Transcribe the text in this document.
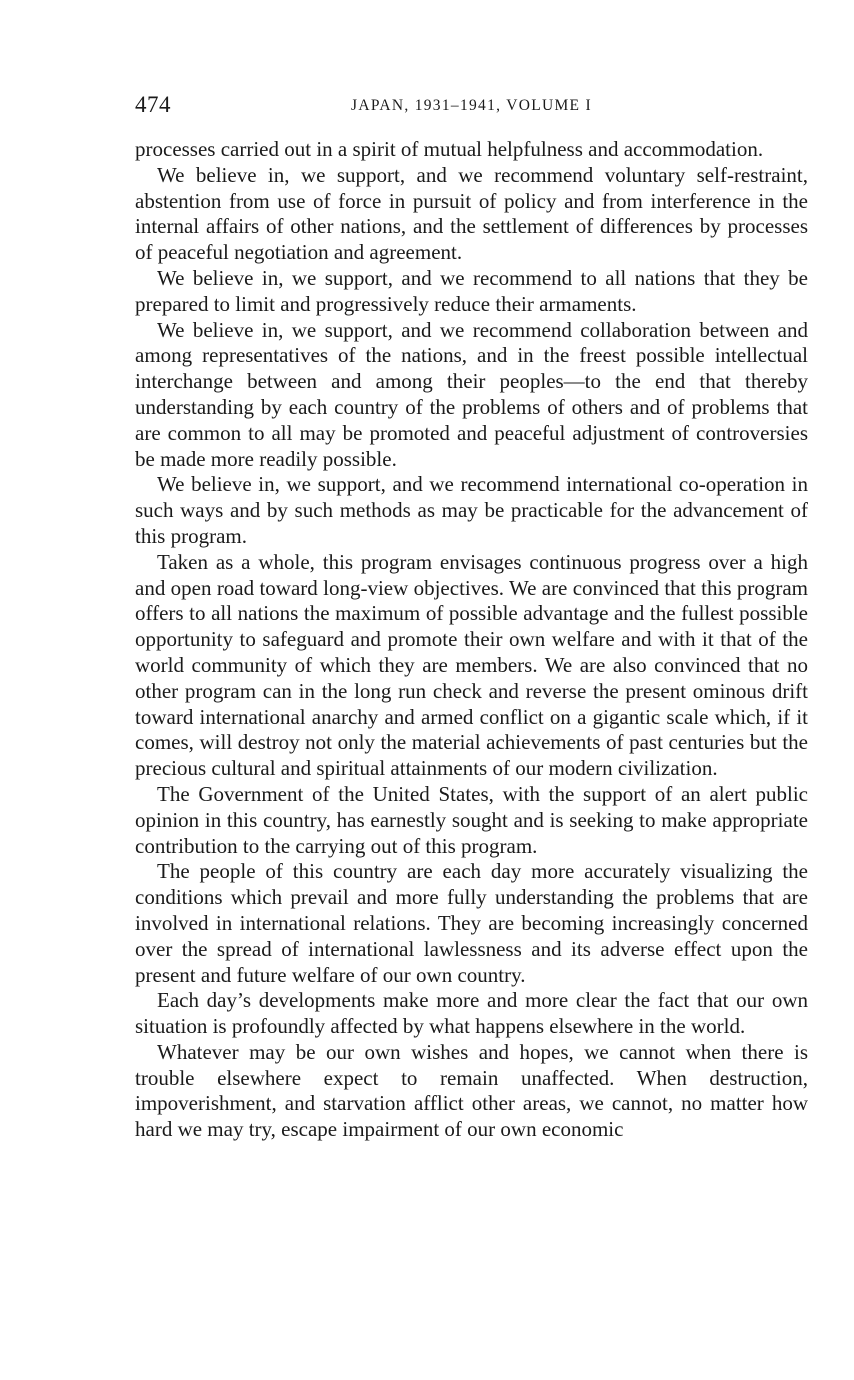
474	JAPAN, 1931–1941, VOLUME I

processes carried out in a spirit of mutual helpfulness and accommodation.

We believe in, we support, and we recommend voluntary self-restraint, abstention from use of force in pursuit of policy and from interference in the internal affairs of other nations, and the settlement of differences by processes of peaceful negotiation and agreement.

We believe in, we support, and we recommend to all nations that they be prepared to limit and progressively reduce their armaments.

We believe in, we support, and we recommend collaboration between and among representatives of the nations, and in the freest possible intellectual interchange between and among their peoples—to the end that thereby understanding by each country of the problems of others and of problems that are common to all may be promoted and peaceful adjustment of controversies be made more readily possible.

We believe in, we support, and we recommend international co-operation in such ways and by such methods as may be practicable for the advancement of this program.

Taken as a whole, this program envisages continuous progress over a high and open road toward long-view objectives. We are convinced that this program offers to all nations the maximum of possible advantage and the fullest possible opportunity to safeguard and promote their own welfare and with it that of the world community of which they are members. We are also convinced that no other program can in the long run check and reverse the present ominous drift toward international anarchy and armed conflict on a gigantic scale which, if it comes, will destroy not only the material achievements of past centuries but the precious cultural and spiritual attainments of our modern civilization.

The Government of the United States, with the support of an alert public opinion in this country, has earnestly sought and is seeking to make appropriate contribution to the carrying out of this program.

The people of this country are each day more accurately visualizing the conditions which prevail and more fully understanding the problems that are involved in international relations. They are becoming increasingly concerned over the spread of international lawlessness and its adverse effect upon the present and future welfare of our own country.

Each day’s developments make more and more clear the fact that our own situation is profoundly affected by what happens elsewhere in the world.

Whatever may be our own wishes and hopes, we cannot when there is trouble elsewhere expect to remain unaffected. When destruction, impoverishment, and starvation afflict other areas, we cannot, no matter how hard we may try, escape impairment of our own economic
